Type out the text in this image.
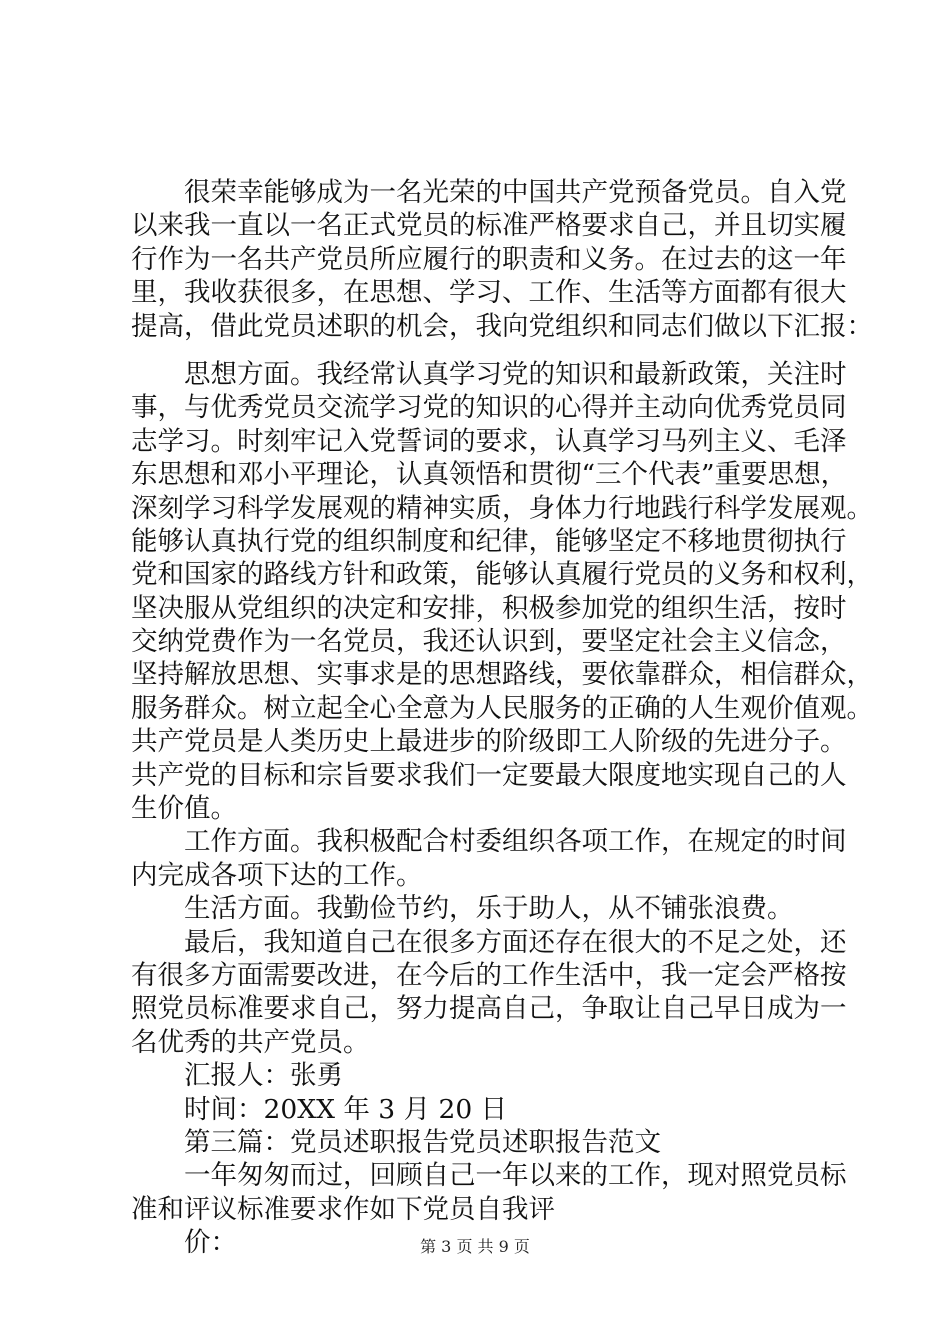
很荣幸能够成为一名光荣的中国共产党预备党员。自入党
以来我一直以一名正式党员的标准严格要求自己，并且切实履
行作为一名共产党员所应履行的职责和义务。在过去的这一年
里，我收获很多，在思想、学习、工作、生活等方面都有很大
提高，借此党员述职的机会，我向党组织和同志们做以下汇报：
思想方面。我经常认真学习党的知识和最新政策，关注时
事，与优秀党员交流学习党的知识的心得并主动向优秀党员同
志学习。时刻牢记入党誓词的要求，认真学习马列主义、毛泽
东思想和邓小平理论，认真领悟和贯彻“三个代表”重要思想，
深刻学习科学发展观的精神实质，身体力行地践行科学发展观。
能够认真执行党的组织制度和纪律，能够坚定不移地贯彻执行
党和国家的路线方针和政策，能够认真履行党员的义务和权利，
坚决服从党组织的决定和安排，积极参加党的组织生活，按时
交纳党费作为一名党员，我还认识到，要坚定社会主义信念，
坚持解放思想、实事求是的思想路线，要依靠群众，相信群众，
服务群众。树立起全心全意为人民服务的正确的人生观价值观。
共产党员是人类历史上最进步的阶级即工人阶级的先进分子。
共产党的目标和宗旨要求我们一定要最大限度地实现自己的人
生价值。
工作方面。我积极配合村委组织各项工作，在规定的时间
内完成各项下达的工作。
生活方面。我勤俭节约，乐于助人，从不铺张浪费。
最后，我知道自己在很多方面还存在很大的不足之处，还
有很多方面需要改进，在今后的工作生活中，我一定会严格按
照党员标准要求自己，努力提高自己，争取让自己早日成为一
名优秀的共产党员。
汇报人：张勇
时间：20XX 年 3 月 20 日
第三篇：党员述职报告党员述职报告范文
一年匆匆而过，回顾自己一年以来的工作，现对照党员标
准和评议标准要求作如下党员自我评
价：	第 3 页 共 9 页
